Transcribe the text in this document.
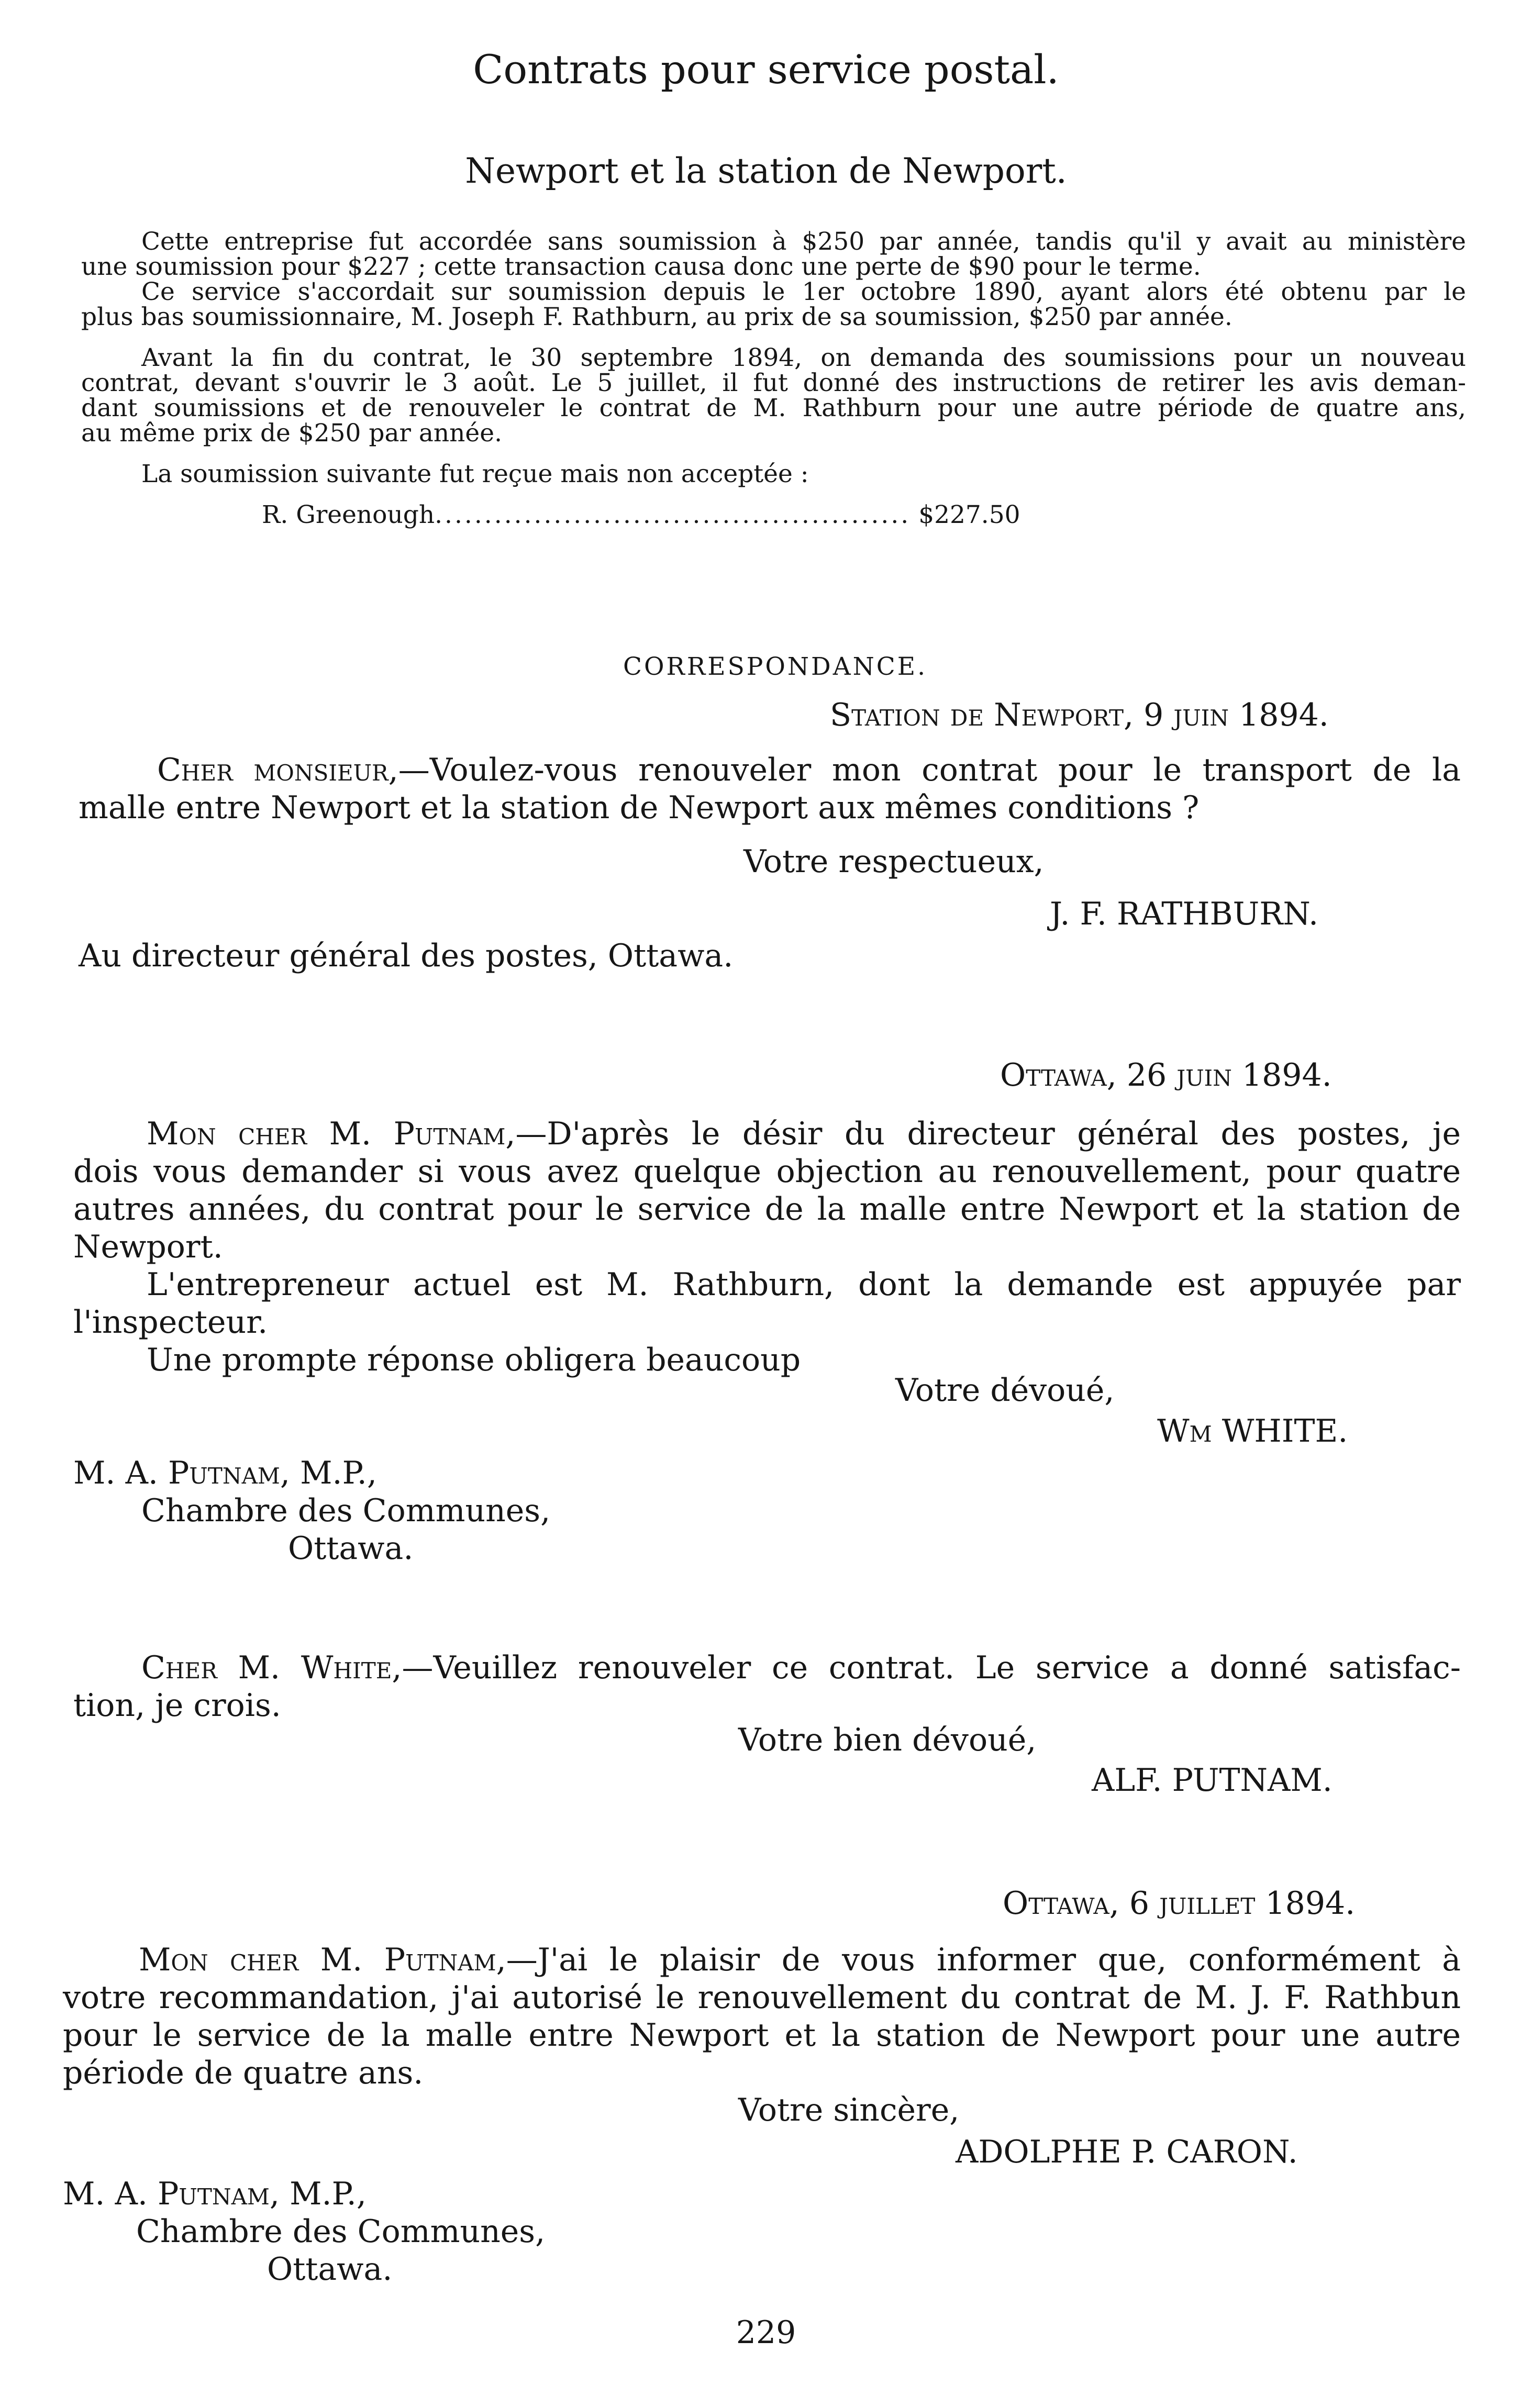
Contrats pour service postal.
Newport et la station de Newport.
Cette entreprise fut accordée sans soumission à $250 par année, tandis qu'il y avait au ministère
une soumission pour $227 ; cette transaction causa donc une perte de $90 pour le terme.
Ce service s'accordait sur soumission depuis le 1er octobre 1890, ayant alors été obtenu par le
plus bas soumissionnaire, M. Joseph F. Rathburn, au prix de sa soumission, $250 par année.
Avant la fin du contrat, le 30 septembre 1894, on demanda des soumissions pour un nouveau
contrat, devant s'ouvrir le 3 août. Le 5 juillet, il fut donné des instructions de retirer les avis deman-
dant soumissions et de renouveler le contrat de M. Rathburn pour une autre période de quatre ans,
au même prix de $250 par année.
La soumission suivante fut reçue mais non acceptée :
R. Greenough................................................ $227.50
CORRESPONDANCE.
Station de Newport, 9 juin 1894.
Cher monsieur,—Voulez-vous renouveler mon contrat pour le transport de la
malle entre Newport et la station de Newport aux mêmes conditions ?
Votre respectueux,
J. F. RATHBURN.
Au directeur général des postes, Ottawa.
Ottawa, 26 juin 1894.
Mon cher M. Putnam,—D'après le désir du directeur général des postes, je
dois vous demander si vous avez quelque objection au renouvellement, pour quatre
autres années, du contrat pour le service de la malle entre Newport et la station de
Newport.
L'entrepreneur actuel est M. Rathburn, dont la demande est appuyée par
l'inspecteur.
Une prompte réponse obligera beaucoup
Votre dévoué,
Wm WHITE.
M. A. Putnam, M.P.,
Chambre des Communes,
Ottawa.
Cher M. White,—Veuillez renouveler ce contrat. Le service a donné satisfac-
tion, je crois.
Votre bien dévoué,
ALF. PUTNAM.
Ottawa, 6 juillet 1894.
Mon cher M. Putnam,—J'ai le plaisir de vous informer que, conformément à
votre recommandation, j'ai autorisé le renouvellement du contrat de M. J. F. Rathbun
pour le service de la malle entre Newport et la station de Newport pour une autre
période de quatre ans.
Votre sincère,
ADOLPHE P. CARON.
M. A. Putnam, M.P.,
Chambre des Communes,
Ottawa.
229
